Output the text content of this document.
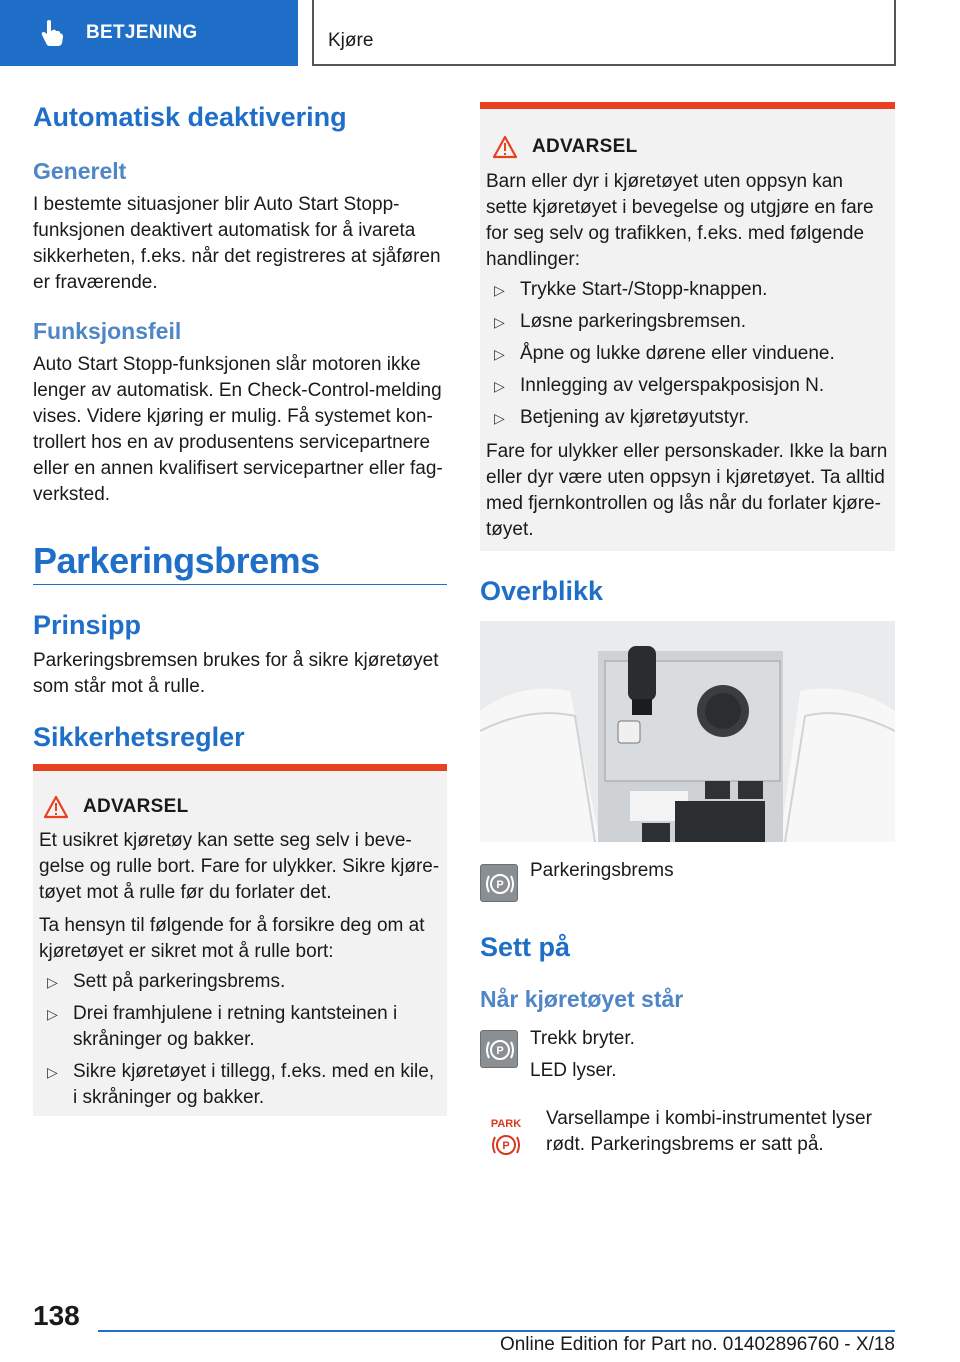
BETJENING	Kjøre
Automatisk deaktivering
Generelt
I bestemte situasjoner blir Auto Start Stopp-
funksjonen deaktivert automatisk for å ivareta
sikkerheten, f.eks. når det registreres at sjåføren
er fraværende.
Funksjonsfeil
Auto Start Stopp-funksjonen slår motoren ikke
lenger av automatisk. En Check-Control-melding
vises. Videre kjøring er mulig. Få systemet kon-
trollert hos en av produsentens servicepartnere
eller en annen kvalifisert servicepartner eller fag-
verksted.
Parkeringsbrems
Prinsipp
Parkeringsbremsen brukes for å sikre kjøretøyet
som står mot å rulle.
Sikkerhetsregler
ADVARSEL
Et usikret kjøretøy kan sette seg selv i beve-
gelse og rulle bort. Fare for ulykker. Sikre kjøre-
tøyet mot å rulle før du forlater det.
Ta hensyn til følgende for å forsikre deg om at
kjøretøyet er sikret mot å rulle bort:
▷ Sett på parkeringsbrems.
▷ Drei framhjulene i retning kantsteinen i
skråninger og bakker.
▷ Sikre kjøretøyet i tillegg, f.eks. med en kile,
i skråninger og bakker.
ADVARSEL
Barn eller dyr i kjøretøyet uten oppsyn kan
sette kjøretøyet i bevegelse og utgjøre en fare
for seg selv og trafikken, f.eks. med følgende
handlinger:
▷ Trykke Start-/Stopp-knappen.
▷ Løsne parkeringsbremsen.
▷ Åpne og lukke dørene eller vinduene.
▷ Innlegging av velgerspakposisjon N.
▷ Betjening av kjøretøyutstyr.
Fare for ulykker eller personskader. Ikke la barn
eller dyr være uten oppsyn i kjøretøyet. Ta alltid
med fjernkontrollen og lås når du forlater kjøre-
tøyet.
Overblikk
P
Parkeringsbrems
Sett på
Når kjøretøyet står
P
Trekk bryter.
LED lyser.
PARK
P
Varsellampe i kombi-instrumentet lyser
rødt. Parkeringsbrems er satt på.
138
Online Edition for Part no. 01402896760 - X/18
